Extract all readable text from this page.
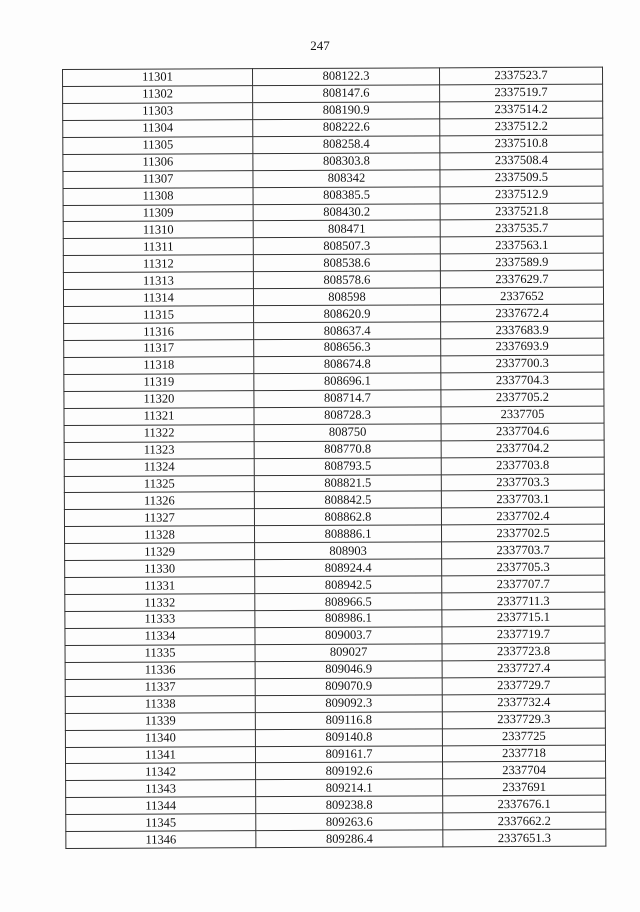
247
11301	808122.3	2337523.7
11302	808147.6	2337519.7
11303	808190.9	2337514.2
11304	808222.6	2337512.2
11305	808258.4	2337510.8
11306	808303.8	2337508.4
11307	808342	2337509.5
11308	808385.5	2337512.9
11309	808430.2	2337521.8
11310	808471	2337535.7
11311	808507.3	2337563.1
11312	808538.6	2337589.9
11313	808578.6	2337629.7
11314	808598	2337652
11315	808620.9	2337672.4
11316	808637.4	2337683.9
11317	808656.3	2337693.9
11318	808674.8	2337700.3
11319	808696.1	2337704.3
11320	808714.7	2337705.2
11321	808728.3	2337705
11322	808750	2337704.6
11323	808770.8	2337704.2
11324	808793.5	2337703.8
11325	808821.5	2337703.3
11326	808842.5	2337703.1
11327	808862.8	2337702.4
11328	808886.1	2337702.5
11329	808903	2337703.7
11330	808924.4	2337705.3
11331	808942.5	2337707.7
11332	808966.5	2337711.3
11333	808986.1	2337715.1
11334	809003.7	2337719.7
11335	809027	2337723.8
11336	809046.9	2337727.4
11337	809070.9	2337729.7
11338	809092.3	2337732.4
11339	809116.8	2337729.3
11340	809140.8	2337725
11341	809161.7	2337718
11342	809192.6	2337704
11343	809214.1	2337691
11344	809238.8	2337676.1
11345	809263.6	2337662.2
11346	809286.4	2337651.3
